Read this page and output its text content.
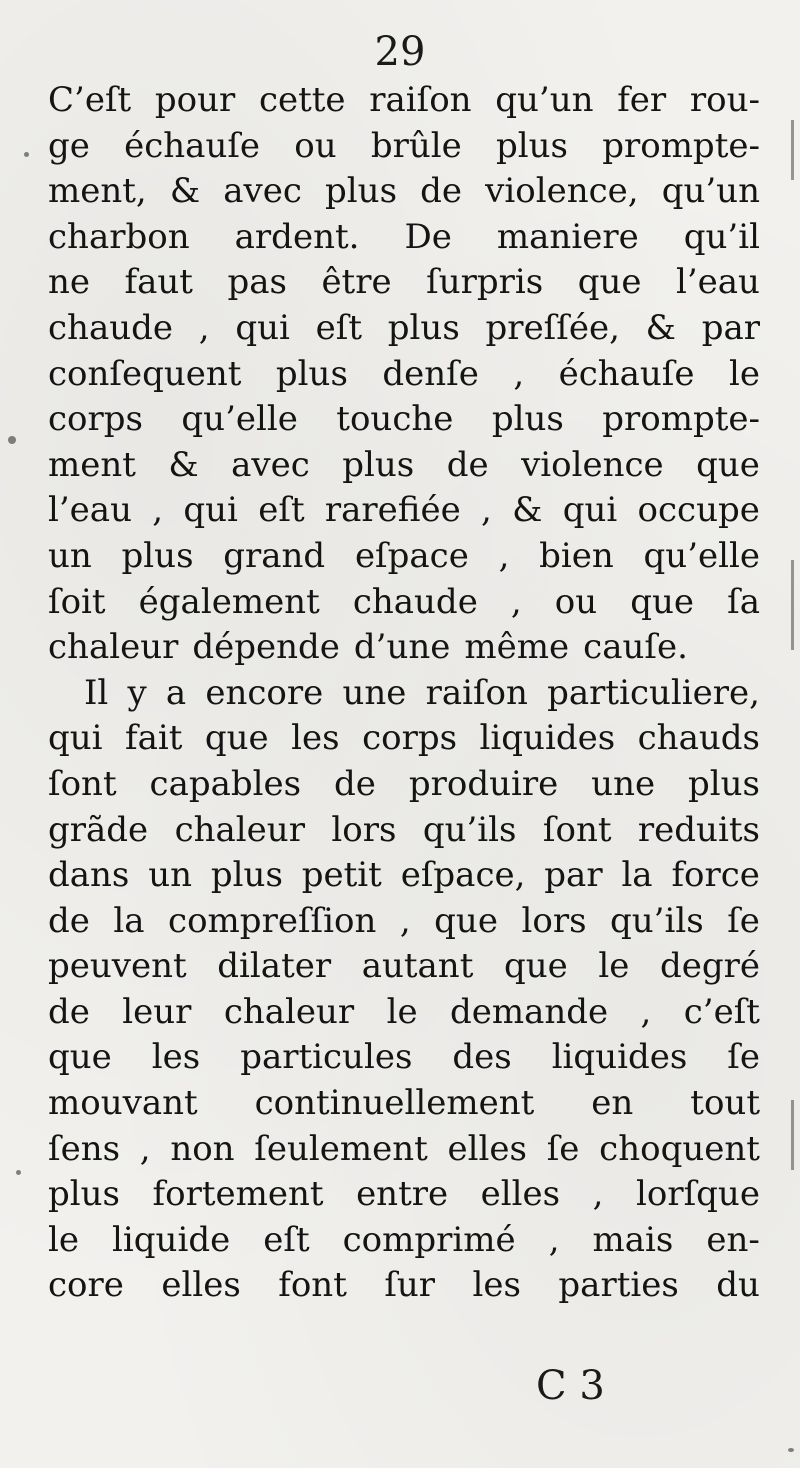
29
C’eſt pour cette raiſon qu’un fer rou-
ge échauſe ou brûle plus prompte-
ment, & avec plus de violence, qu’un
charbon ardent. De maniere qu’il
ne faut pas être ſurpris que l’eau
chaude , qui eſt plus preſſée, & par
conſequent plus denſe , échauſe le
corps qu’elle touche plus promptе-
ment & avec plus de violence que
l’eau , qui eſt rarefiée , & qui occupe
un plus grand eſpace , bien qu’elle
ſoit également chaude , ou que ſa
chaleur dépende d’une même cauſe.
Il y a encore une raiſon particuliere,
qui fait que les corps liquides chauds
ſont capables de produire une plus
grãde chaleur lors qu’ils ſont reduits
dans un plus petit eſpace, par la force
de la compreſſion , que lors qu’ils ſe
peuvent dilater autant que le degré
de leur chaleur le demande , c’eſt
que les particules des liquides ſe
mouvant continuellement en tout
ſens , non ſeulement elles ſe choquent
plus fortement entre elles , lorſque
le liquide eſt comprimé , mais en-
core elles font ſur les parties du
C 3
